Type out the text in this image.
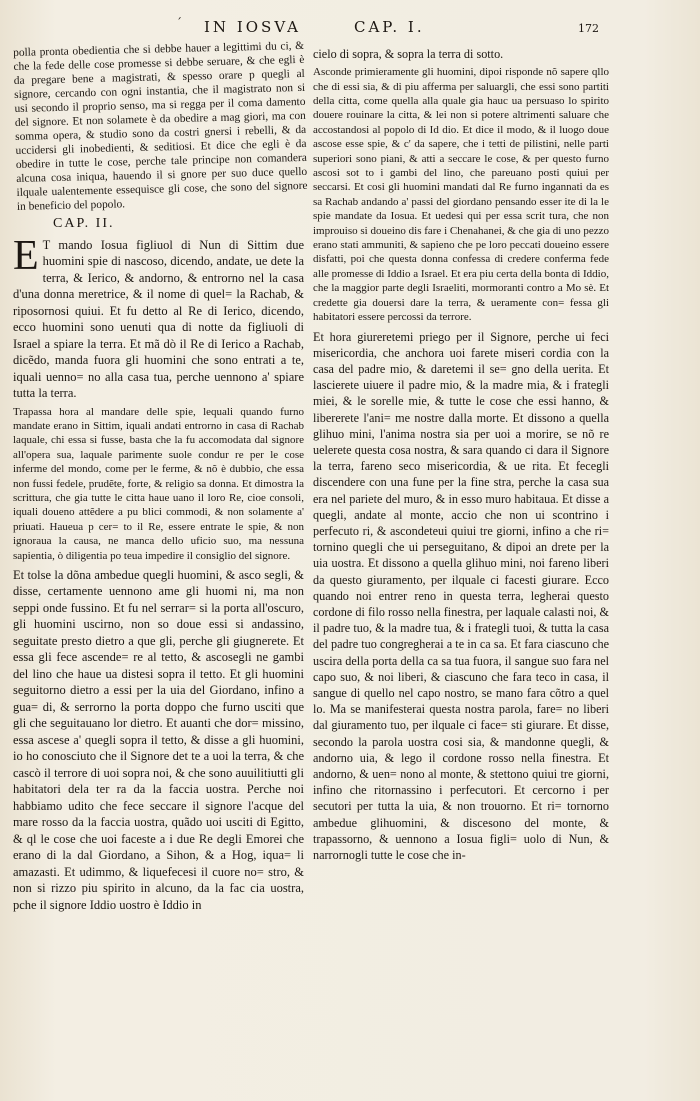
´ IN IOSVA	CAP. I.	172

polla pronta obedientia che si debbe hauer a legittimi du ci, & che la fede delle cose promesse si debbe seruare, & che egli è da pregare bene a magistrati, & spesso orare p quegli al signore, cercando con ogni instantia, che il magistrato non si usi secondo il proprio senso, ma si regga per il coma damento del signore. Et non solamete è da obedire a mag giori, ma con somma opera, & studio sono da costri gnersi i rebelli, & da uccidersi gli inobedienti, & seditiosi. Et dice che egli è da obedire in tutte le cose, perche tale principe non comandera alcuna cosa iniqua, hauendo il si gnore per suo duce quello ilquale ualentemente essequisce gli cose, che sono del signore in beneficio del popolo.

CAP. II.

E T mando Iosua figliuol di Nun di Sittim due huomini spie di nascoso, dicendo, andate, ue dete la terra, & Ierico, & andorno, & entrorno nel la casa d'una donna meretrice, & il nome di quel= la Rachab, & riposornosi quiui. Et fu detto al Re di Ierico, dicendo, ecco huomini sono uenuti qua di notte da figliuoli di Israel a spiare la terra. Et mã dò il Re di Ierico a Rachab, dicẽdo, manda fuora gli huomini che sono entrati a te, iquali uenno= no alla casa tua, perche uennono a' spiare tutta la terra.

Trapassa hora al mandare delle spie, lequali quando furno mandate erano in Sittim, iquali andati entrorno in casa di Rachab laquale, chi essa si fusse, basta che la fu accomodata dal signore all'opera sua, laquale parimente suole condur re per le cose inferme del mondo, come per le ferme, & nõ è dubbio, che essa non fussi fedele, prudẽte, forte, & religio sa donna. Et dimostra la scrittura, che gia tutte le citta haue uano il loro Re, cioe consoli, iquali doueno attẽdere a pu blici commodi, & non solamente a' priuati. Haueua p cer= to il Re, essere entrate le spie, & non ignoraua la causa, ne manca dello uficio suo, ma nessuna sapientia, ò diligentia po teua impedire il consiglio del signore.

Et tolse la dõna ambedue quegli huomini, & asco segli, & disse, certamente uennono ame gli huomi ni, ma non seppi onde fussino. Et fu nel serrar= si la porta all'oscuro, gli huomini uscirno, non so doue essi si andassino, seguitate presto dietro a que gli, perche gli giugnerete. Et essa gli fece ascende= re al tetto, & ascosegli ne gambi del lino che haue ua distesi sopra il tetto. Et gli huomini seguitorno dietro a essi per la uia del Giordano, infino a gua= di, & serrorno la porta doppo che furno usciti que gli che seguitauano lor dietro. Et auanti che dor= missino, essa ascese a' quegli sopra il tetto, & disse a gli huomini, io ho conosciuto che il Signore det te a uoi la terra, & che cascò il terrore di uoi sopra noi, & che sono auuilitiutti gli habitatori dela ter ra da la faccia uostra. Perche noi habbiamo udito che fece seccare il signore l'acque del mare rosso da la faccia uostra, quãdo uoi usciti di Egitto, & ql le cose che uoi faceste a i due Re degli Emorei che erano di la dal Giordano, a Sihon, & a Hog, iqua= li amazasti. Et udimmo, & liquefecesi il cuore no= stro, & non si rizzo piu spirito in alcuno, da la fac cia uostra, pche il signore Iddio uostro è Iddio in

cielo di sopra, & sopra la terra di sotto.

Asconde primieramente gli huomini, dipoi risponde nõ sapere qllo che di essi sia, & di piu afferma per saluargli, che essi sono partiti della citta, come quella alla quale gia hauc ua persuaso lo spirito douere rouinare la citta, & lei non si potere altrimenti saluare che accostandosi al popolo di Id dio. Et dice il modo, & il luogo doue ascose esse spie, & c' da sapere, che i tetti de pilistini, nelle parti superiori sono piani, & atti a seccare le cose, & per questo furno ascosi sot to i gambi del lino, che pareuano posti quiui per seccarsi. Et cosi gli huomini mandati dal Re furno ingannati da es sa Rachab andando a' passi del giordano pensando esser ite di la le spie mandate da Iosua. Et uedesi qui per essa scrit tura, che non improuiso si doueino dis fare i Chenahanei, & che gia di uno pezzo erano stati ammuniti, & sapieno che pe loro peccati doueino essere disfatti, poi che questa donna confessa di credere conferma fede alle promesse di Iddio a Israel. Et era piu certa della bonta di Iddio, che la maggior parte degli Israeliti, mormoranti contro a Mo sè. Et credette gia douersi dare la terra, & ueramente con= fessa gli habitatori essere percossi da terrore.

Et hora giureretemi priego per il Signore, perche ui feci misericordia, che anchora uoi farete miseri cordia con la casa del padre mio, & daretemi il se= gno della uerita. Et lascierete uiuere il padre mio, & la madre mia, & i frategli miei, & le sorelle mie, & tutte le cose che essi hanno, & libererete l'ani= me nostre dalla morte. Et dissono a quella glihuo mini, l'anima nostra sia per uoi a morire, se nõ re uelerete questa cosa nostra, & sara quando ci dara il Signore la terra, fareno seco misericordia, & ue rita. Et fecegli discendere con una fune per la fine stra, perche la casa sua era nel pariete del muro, & in esso muro habitaua. Et disse a quegli, andate al monte, accio che non ui scontrino i perfecuto ri, & ascondeteui quiui tre giorni, infino a che ri= tornino quegli che ui perseguitano, & dipoi an drete per la uia uostra. Et dissono a quella glihuo mini, noi fareno liberi da questo giuramento, per ilquale ci facesti giurare. Ecco quando noi entrer reno in questa terra, legherai questo cordone di filo rosso nella finestra, per laquale calasti noi, & il padre tuo, & la madre tua, & i frategli tuoi, & tutta la casa del padre tuo congregherai a te in ca sa. Et fara ciascuno che uscira della porta della ca sa tua fuora, il sangue suo fara nel capo suo, & noi liberi, & ciascuno che fara teco in casa, il sangue di quello nel capo nostro, se mano fara cõtro a quel lo. Ma se manifesterai questa nostra parola, fare= no liberi dal giuramento tuo, per ilquale ci face= sti giurare. Et disse, secondo la parola uostra cosi sia, & mandonne quegli, & andorno uia, & lego il cordone rosso nella finestra. Et andorno, & uen= nono al monte, & stettono quiui tre giorni, infino che ritornassino i perfecutori. Et cercorno i per secutori per tutta la uia, & non trouorno. Et ri= tornorno ambedue glihuomini, & discesono del monte, & trapassorno, & uennono a Iosua figli= uolo di Nun, & narrornogli tutte le cose che in-
